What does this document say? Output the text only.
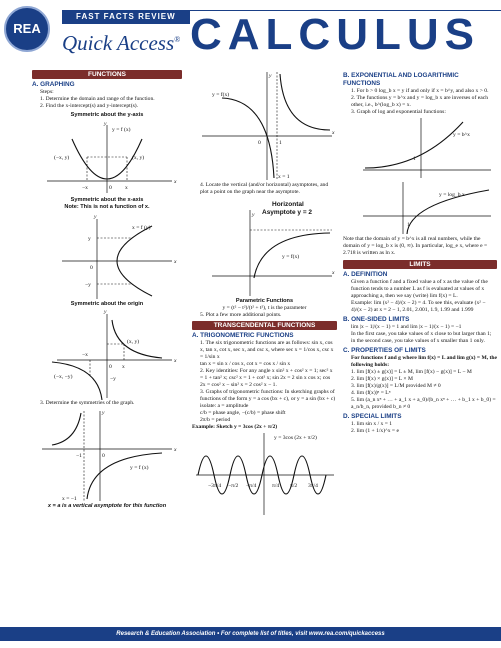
FAST FACTS REVIEW
REA
Quick Access® CALCULUS
FUNCTIONS
A. GRAPHING
Steps:
1. Determine the domain and range of the function.
2. Find the x-intercept(s) and y-intercept(s).
Symmetric about the y-axis
y = f (x)
(−x, y)	(x, y)
−x	0 x
x
y
Symmetric about the x-axis
Note: This is not a function of x.
x = f (y)
y
0
−y
x
y
Symmetric about the origin
(x, y)
(−x, −y)
−x
0 x
−y
x
y
3. Determine the symmetries of the graph.
y = f (x)
−1	0
x = −1
x
y
x = a is a vertical asymptote for this function
y = f(x)
0	1
x = 1
x
y
4. Locate the vertical (and/or horizontal) asymptotes, and plot a point on the graph near the asymptote.
Horizontal
Asymptote y = 2
y = f(x)
x
y
Parametric Functions
y = (t² − t²)/(t² + t²), t is the parameter
5. Plot a few more additional points.
TRANSCENDENTAL FUNCTIONS
A. TRIGONOMETRIC FUNCTIONS
1. The six trigonometric functions are as follows: sin x, cos x, tan x, cot x, sec x, and csc x, where sec x = 1/cos x, csc x = 1/sin x
tan x = sin x / cos x, cot x = cos x / sin x
2. Key identities: For any angle x sin² x + cos² x = 1; sec² x = 1 + tan² x; csc² x = 1 + cot² x; sin 2x = 2 sin x cos x; cos 2x = cos² x − sin² x = 2 cos² x − 1.
3. Graphs of trigonometric functions: In sketching graphs of functions of the form y = a cos (bx + c), or y = a sin (bx + c) isolate: a = amplitude
c/b = phase angle, −(c/b) = phase shift
2π/b = period
Example: Sketch y = 3cos (2x + π/2)
y = 3cos (2x + π/2)
−3π/4 −π/2 −π/4	π/4 π/2 3π/4
B. EXPONENTIAL AND LOGARITHMIC FUNCTIONS
1. For b > 0 log_b x = y if and only if x = b^y, and also x > 0.
2. The functions y = b^x and y = log_b x are inverses of each other, i.e., b^(log_b x) = x.
3. Graph of log and exponential functions:
y = b^x
1
y = log_b x
1
Note that the domain of y = b^x is all real numbers, while the domain of y = log_b x is (0, ∞). In particular, log_e x, where e = 2.718 is written as ln x.
LIMITS
A. DEFINITION
Given a function f and a fixed value a of x as the value of the function tends to a number L as f is evaluated at values of x approaching a, then we say (write) lim f(x) = L.
Example: lim (x² − 4)/(x − 2) = 4. To see this, evaluate (x² − 4)/(x − 2) at x = 2 − 1, 2.01, 2.001, 1.9, 1.99 and 1.999
B. ONE-SIDED LIMITS
lim |x − 1|/(x − 1) = 1 and lim |x − 1|/(x − 1) = −1
In the first case, you take values of x close to but larger than 1; in the second case, you take values of x smaller than 1 only.
C. PROPERTIES OF LIMITS
For functions f and g where lim f(x) = L and lim g(x) = M, the following holds:
1. lim [f(x) ± g(x)] = L ± M, lim [f(x) − g(x)] = L − M
2. lim [f(x) × g(x)] = L × M
3. lim [f(x)/g(x)] = L/M provided M ≠ 0
4. lim (f(x))ⁿ = Lⁿ
5. lim (a_n xⁿ + … + a_1 x + a_0)/(b_n xⁿ + … + b_1 x + b_0) = a_n/b_n, provided b_n ≠ 0
D. SPECIAL LIMITS
1. lim sin x / x = 1
2. lim (1 + 1/x)^x = e
Research & Education Association • For complete list of titles, visit www.rea.com/quickaccess
